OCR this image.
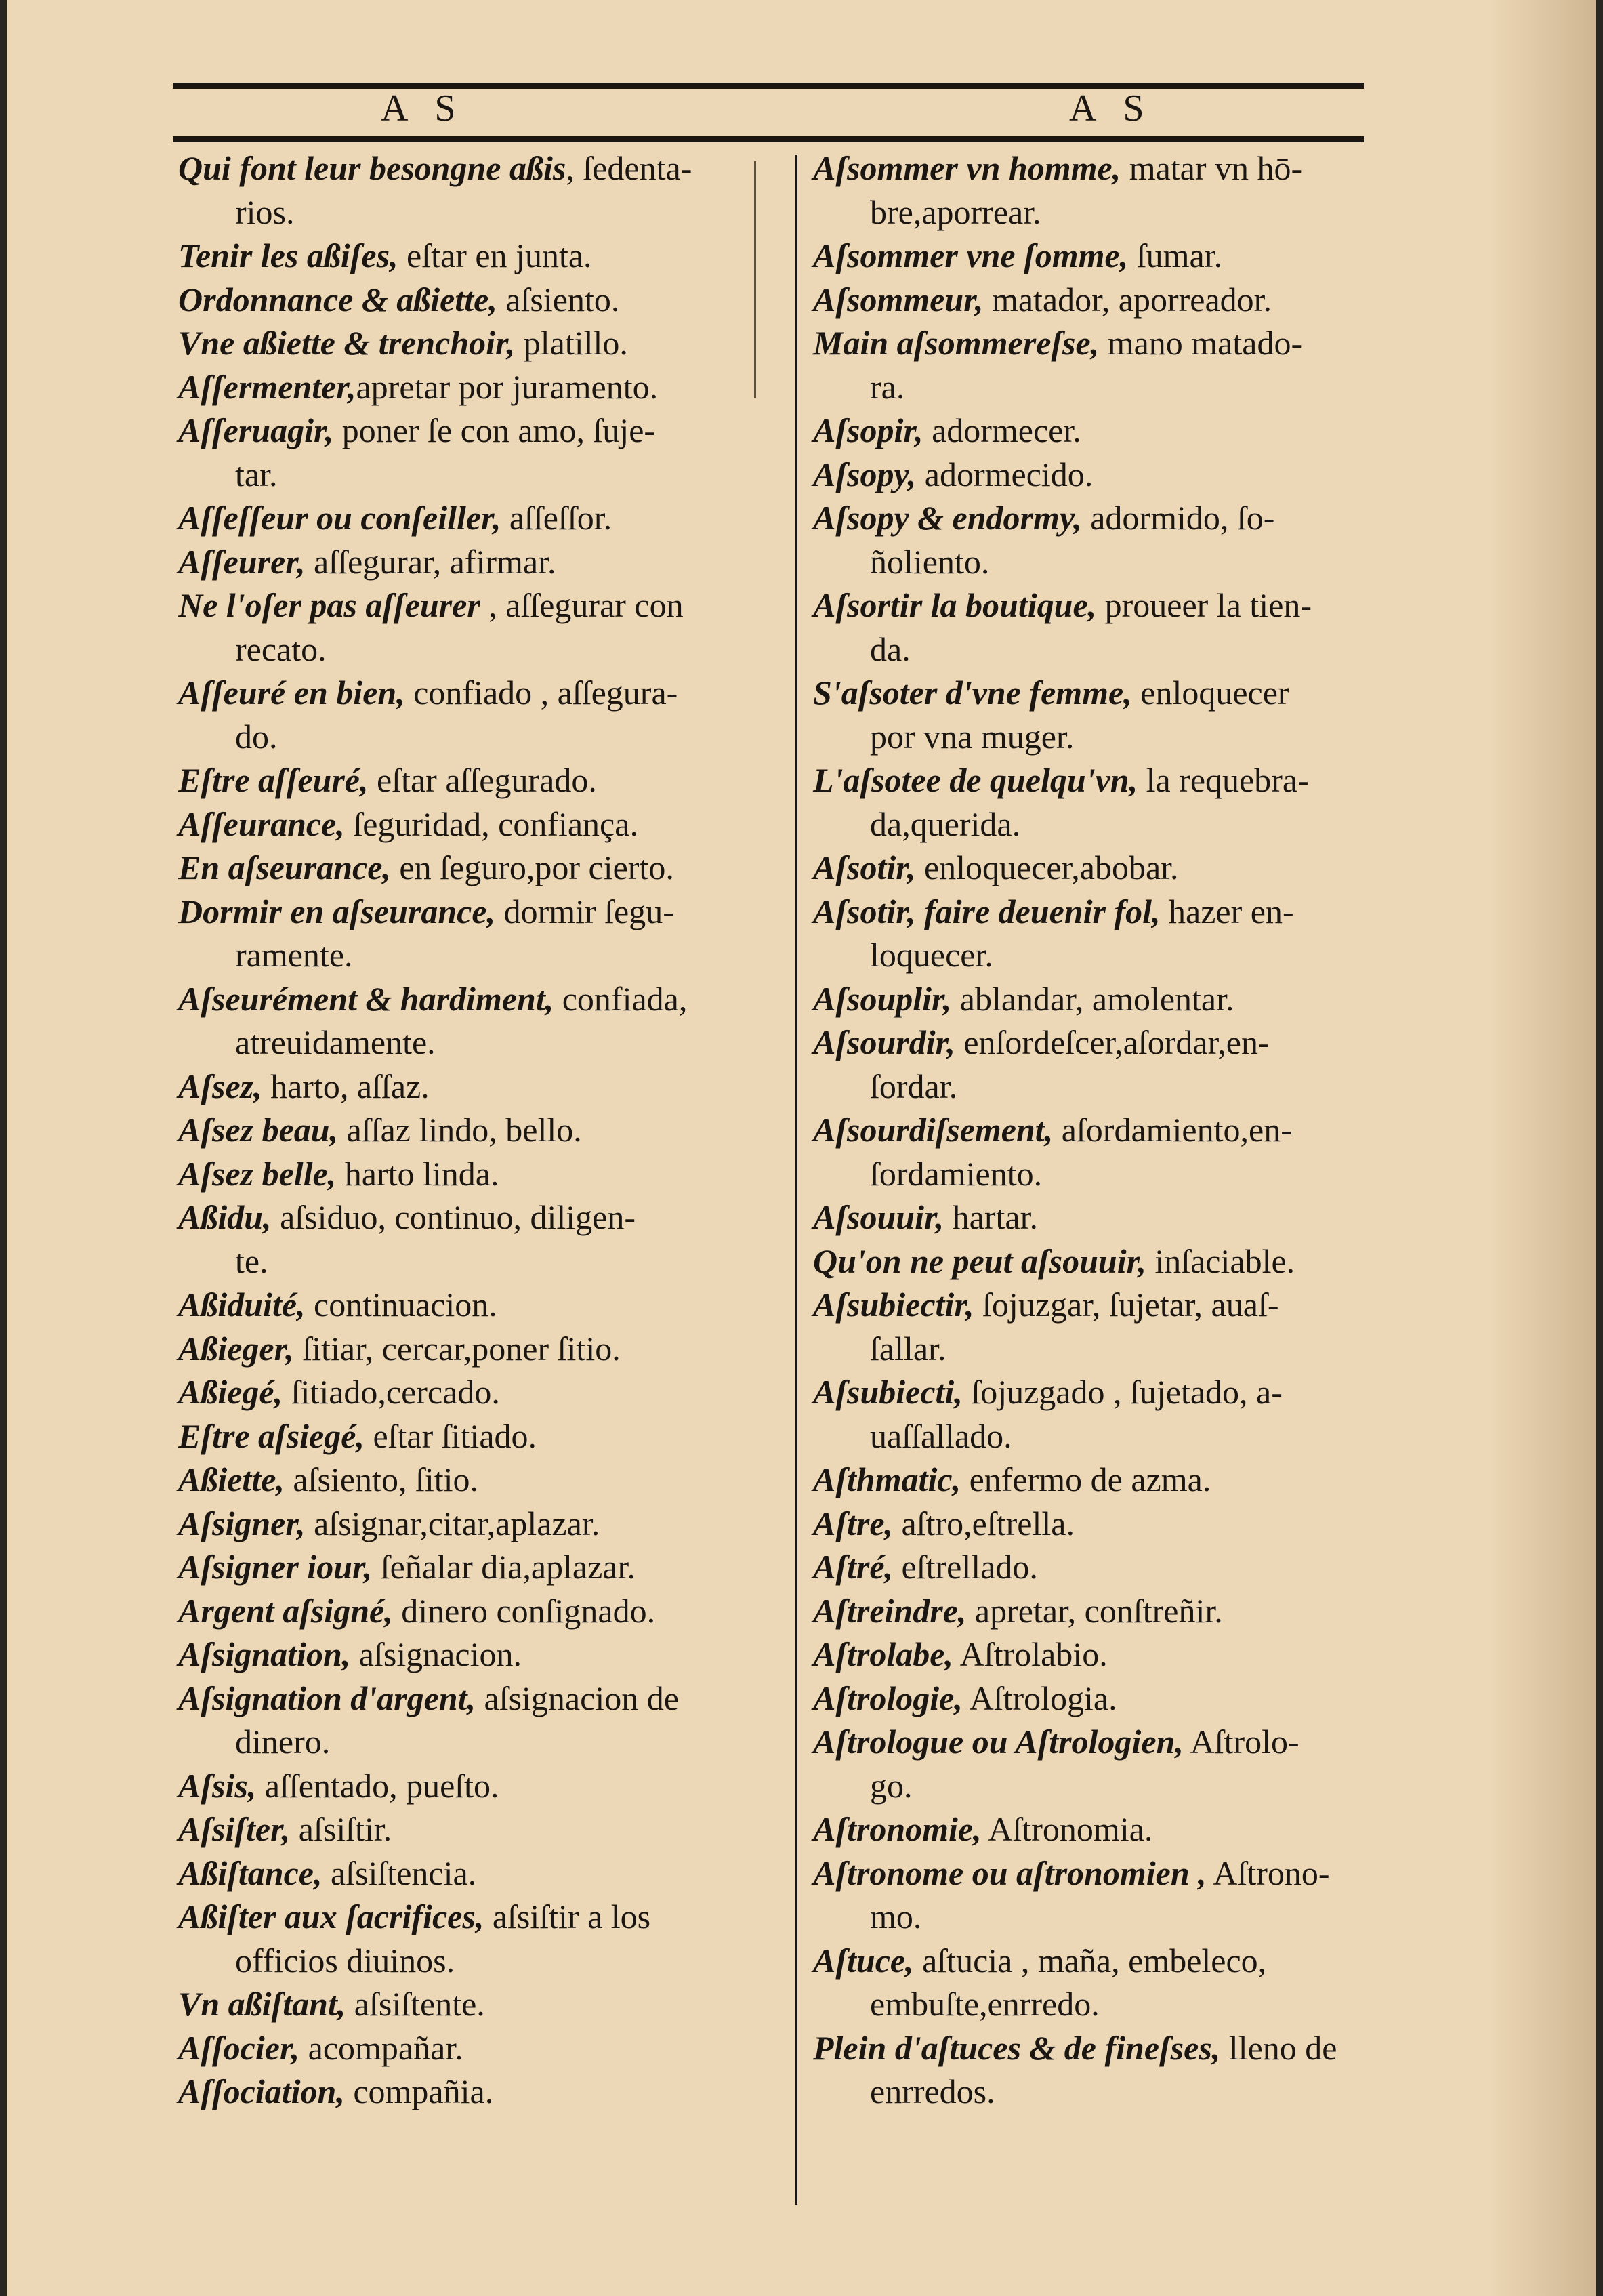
A S	A S

Qui font leur besongne aßis, ſedenta-
rios.

Tenir les aßiſes, eſtar en junta.

Ordonnance & aßiette, aſsiento.

Vne aßiette & trenchoir, platillo.

Aſſermenter,apretar por juramento.

Aſſeruagir, poner ſe con amo, ſuje-
tar.

Aſſeſſeur ou conſeiller, aſſeſſor.

Aſſeurer, aſſegurar, afirmar.

Ne l'oſer pas aſſeurer , aſſegurar con
recato.

Aſſeuré en bien, confiado , aſſegura-
do.

Eſtre aſſeuré, eſtar aſſegurado.

Aſſeurance, ſeguridad, confiança.

En aſseurance, en ſeguro,por cierto.

Dormir en aſseurance, dormir ſegu-
ramente.

Aſseurément & hardiment, confiada,
atreuidamente.

Aſsez, harto, aſſaz.

Aſsez beau, aſſaz lindo, bello.

Aſsez belle, harto linda.

Aßidu, aſsiduo, continuo, diligen-
te.

Aßiduité, continuacion.

Aßieger, ſitiar, cercar,poner ſitio.

Aßiegé, ſitiado,cercado.

Eſtre aſsiegé, eſtar ſitiado.

Aßiette, aſsiento, ſitio.

Aſsigner, aſsignar,citar,aplazar.

Aſsigner iour, ſeñalar dia,aplazar.

Argent aſsigné, dinero conſignado.

Aſsignation, aſsignacion.

Aſsignation d'argent, aſsignacion de
dinero.

Aſsis, aſſentado, pueſto.

Aſsiſter, aſsiſtir.

Aßiſtance, aſsiſtencia.

Aßiſter aux ſacrifices, aſsiſtir a los
officios diuinos.

Vn aßiſtant, aſsiſtente.

Aſſocier, acompañar.

Aſſociation, compañia.

Aſsommer vn homme, matar vn hō-
bre,aporrear.

Aſsommer vne ſomme, ſumar.

Aſsommeur, matador, aporreador.

Main aſsommereſse, mano matado-
ra.

Aſsopir, adormecer.

Aſsopy, adormecido.

Aſsopy & endormy, adormido, ſo-
ñoliento.

Aſsortir la boutique, proueer la tien-
da.

S'aſsoter d'vne femme, enloquecer
por vna muger.

L'aſsotee de quelqu'vn, la requebra-
da,querida.

Aſsotir, enloquecer,abobar.

Aſsotir, faire deuenir fol, hazer en-
loquecer.

Aſsouplir, ablandar, amolentar.

Aſsourdir, enſordeſcer,aſordar,en-
ſordar.

Aſsourdiſsement, aſordamiento,en-
ſordamiento.

Aſsouuir, hartar.

Qu'on ne peut aſsouuir, inſaciable.

Aſsubiectir, ſojuzgar, ſujetar, auaſ-
ſallar.

Aſsubiecti, ſojuzgado , ſujetado, a-
uaſſallado.

Aſthmatic, enfermo de azma.

Aſtre, aſtro,eſtrella.

Aſtré, eſtrellado.

Aſtreindre, apretar, conſtreñir.

Aſtrolabe, Aſtrolabio.

Aſtrologie, Aſtrologia.

Aſtrologue ou Aſtrologien, Aſtrolo-
go.

Aſtronomie, Aſtronomia.

Aſtronome ou aſtronomien , Aſtrono-
mo.

Aſtuce, aſtucia , maña, embeleco,
embuſte,enrredo.

Plein d'aſtuces & de fineſses, lleno de
enrredos.
